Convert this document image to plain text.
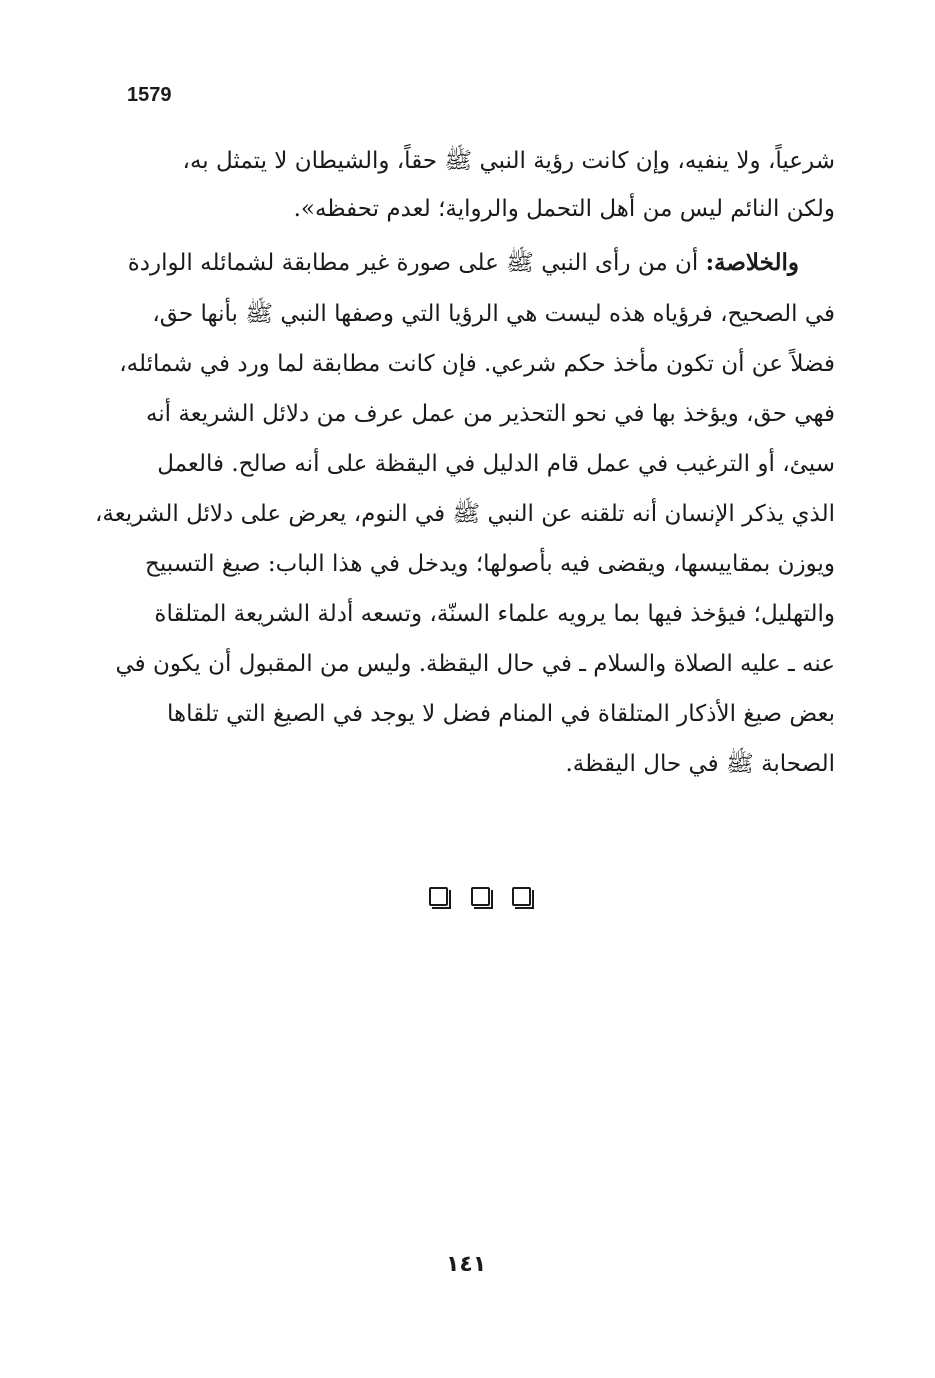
1579
شرعياً، ولا ينفيه، وإن كانت رؤية النبي ﷺ حقاً، والشيطان لا يتمثل به،
ولكن النائم ليس من أهل التحمل والرواية؛ لعدم تحفظه».
والخلاصة: أن من رأى النبي ﷺ على صورة غير مطابقة لشمائله الواردة
في الصحيح، فرؤياه هذه ليست هي الرؤيا التي وصفها النبي ﷺ بأنها حق،
فضلاً عن أن تكون مأخذ حكم شرعي. فإن كانت مطابقة لما ورد في شمائله،
فهي حق، ويؤخذ بها في نحو التحذير من عمل عرف من دلائل الشريعة أنه
سيئ، أو الترغيب في عمل قام الدليل في اليقظة على أنه صالح. فالعمل
الذي يذكر الإنسان أنه تلقنه عن النبي ﷺ في النوم، يعرض على دلائل الشريعة،
ويوزن بمقاييسها، ويقضى فيه بأصولها؛ ويدخل في هذا الباب: صيغ التسبيح
والتهليل؛ فيؤخذ فيها بما يرويه علماء السنّة، وتسعه أدلة الشريعة المتلقاة
عنه ـ عليه الصلاة والسلام ـ في حال اليقظة. وليس من المقبول أن يكون في
بعض صيغ الأذكار المتلقاة في المنام فضل لا يوجد في الصيغ التي تلقاها
الصحابة ﷺ في حال اليقظة.
١٤١
